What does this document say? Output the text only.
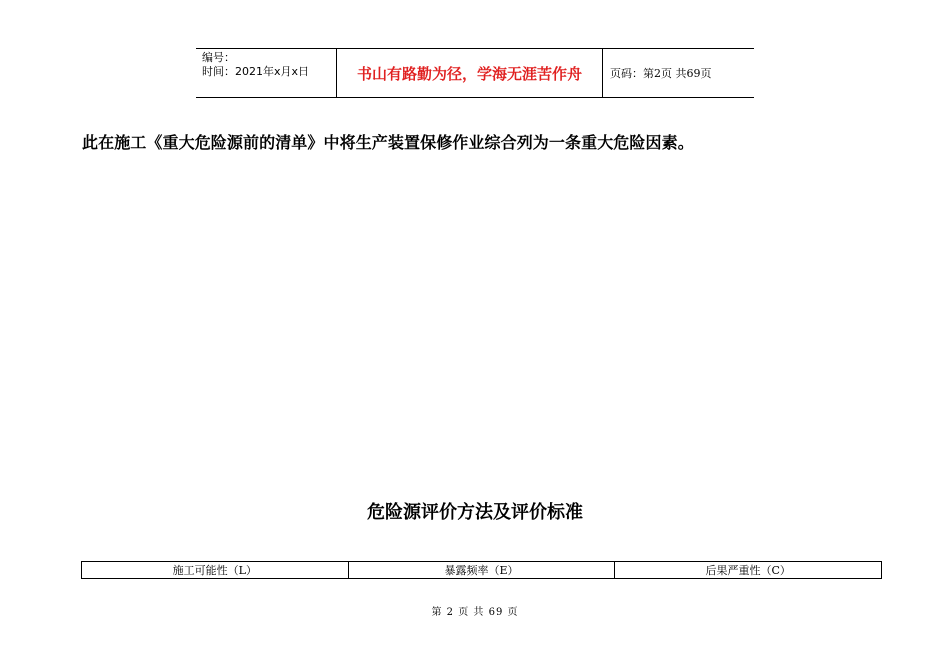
编号：
时间：2021年x月x日	书山有路勤为径，学海无涯苦作舟	页码：第2页 共69页
此在施工《重大危险源前的清单》中将生产装置保修作业综合列为一条重大危险因素。
危险源评价方法及评价标准
施工可能性（L）	暴露频率（E）	后果严重性（C）
第 2 页 共 69 页
